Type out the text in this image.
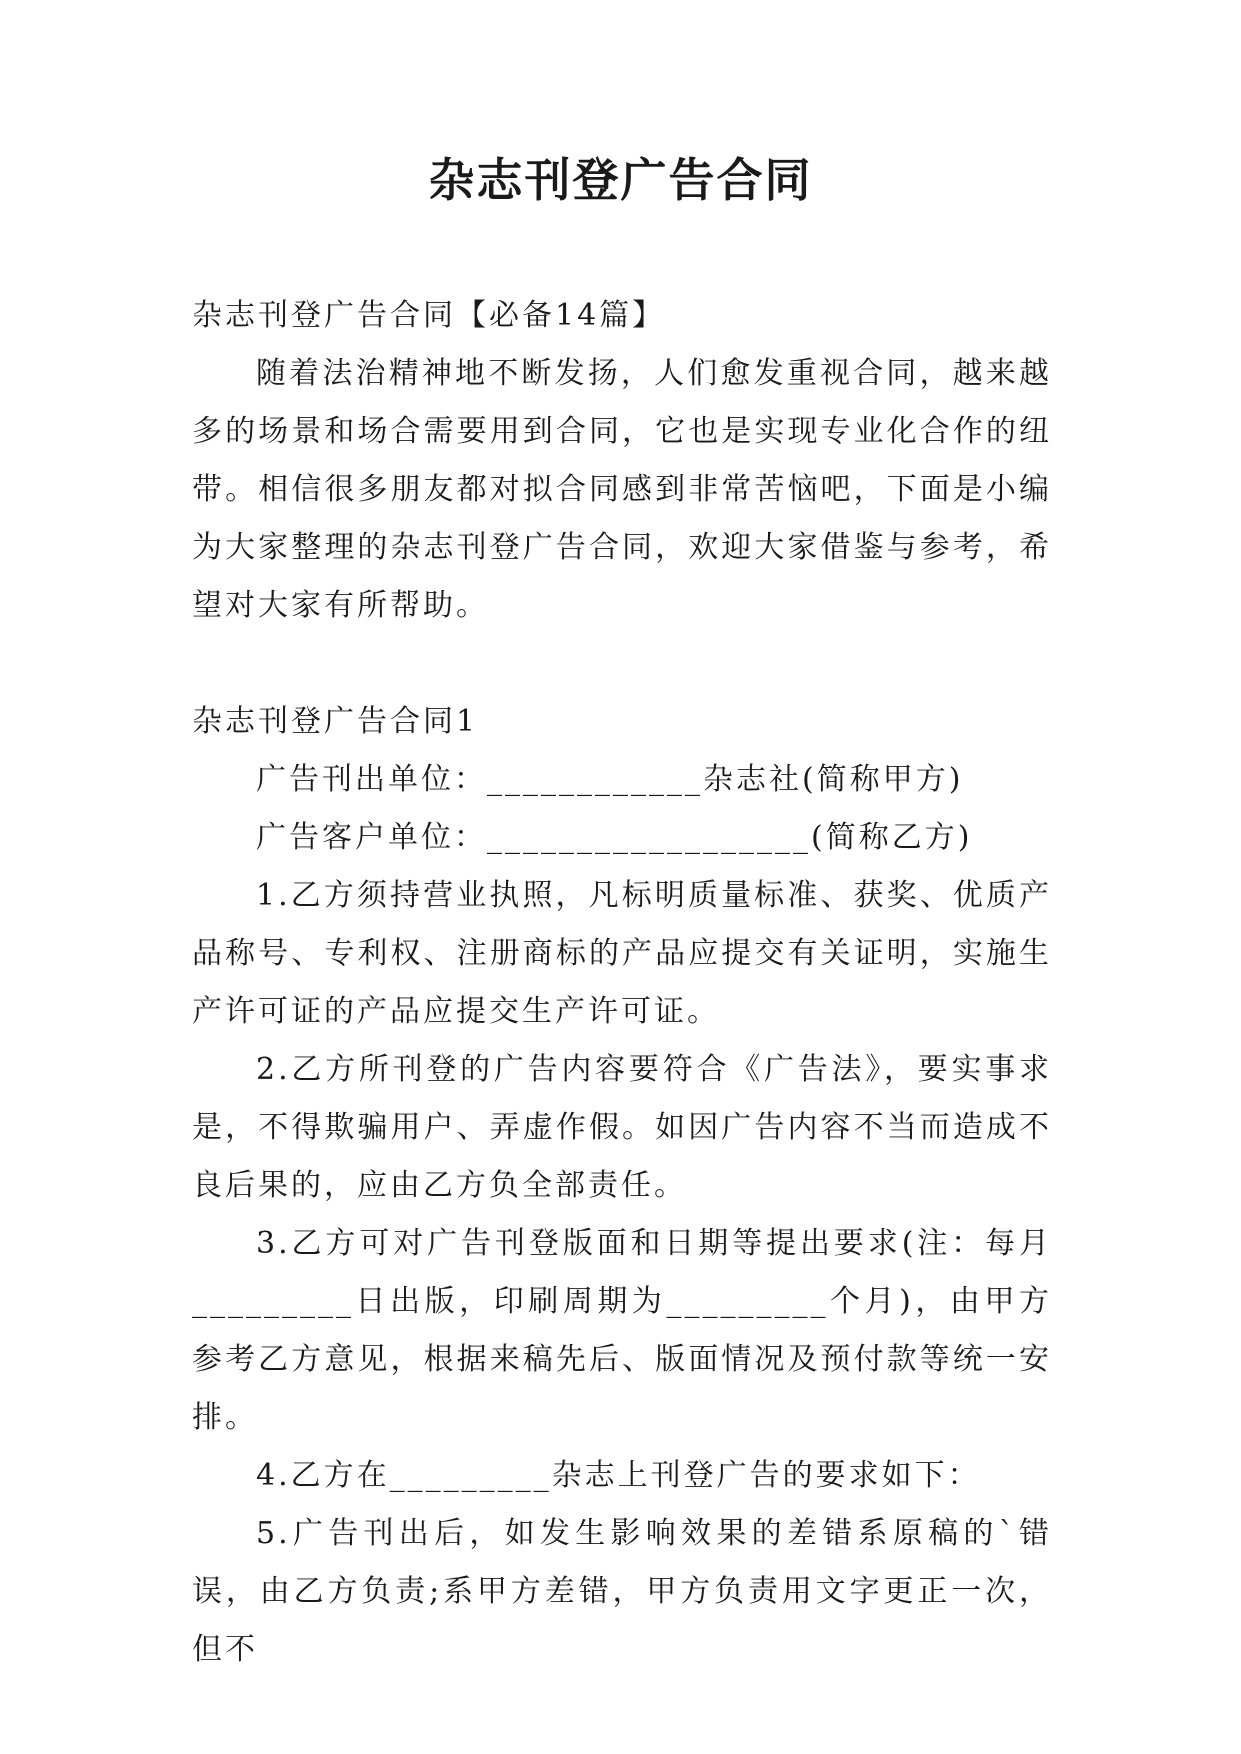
杂志刊登广告合同

杂志刊登广告合同【必备14篇】

随着法治精神地不断发扬，人们愈发重视合同，越来越多的场景和场合需要用到合同，它也是实现专业化合作的纽带。相信很多朋友都对拟合同感到非常苦恼吧，下面是小编为大家整理的杂志刊登广告合同，欢迎大家借鉴与参考，希望对大家有所帮助。

杂志刊登广告合同1

广告刊出单位：____________杂志社(简称甲方)

广告客户单位：__________________(简称乙方)

1.乙方须持营业执照，凡标明质量标准、获奖、优质产品称号、专利权、注册商标的产品应提交有关证明，实施生产许可证的产品应提交生产许可证。

2.乙方所刊登的广告内容要符合《广告法》，要实事求是，不得欺骗用户、弄虚作假。如因广告内容不当而造成不良后果的，应由乙方负全部责任。

3.乙方可对广告刊登版面和日期等提出要求(注：每月_________日出版，印刷周期为_________个月)，由甲方参考乙方意见，根据来稿先后、版面情况及预付款等统一安排。

4.乙方在_________杂志上刊登广告的要求如下：

5.广告刊出后，如发生影响效果的差错系原稿的`错误，由乙方负责;系甲方差错，甲方负责用文字更正一次，但不
